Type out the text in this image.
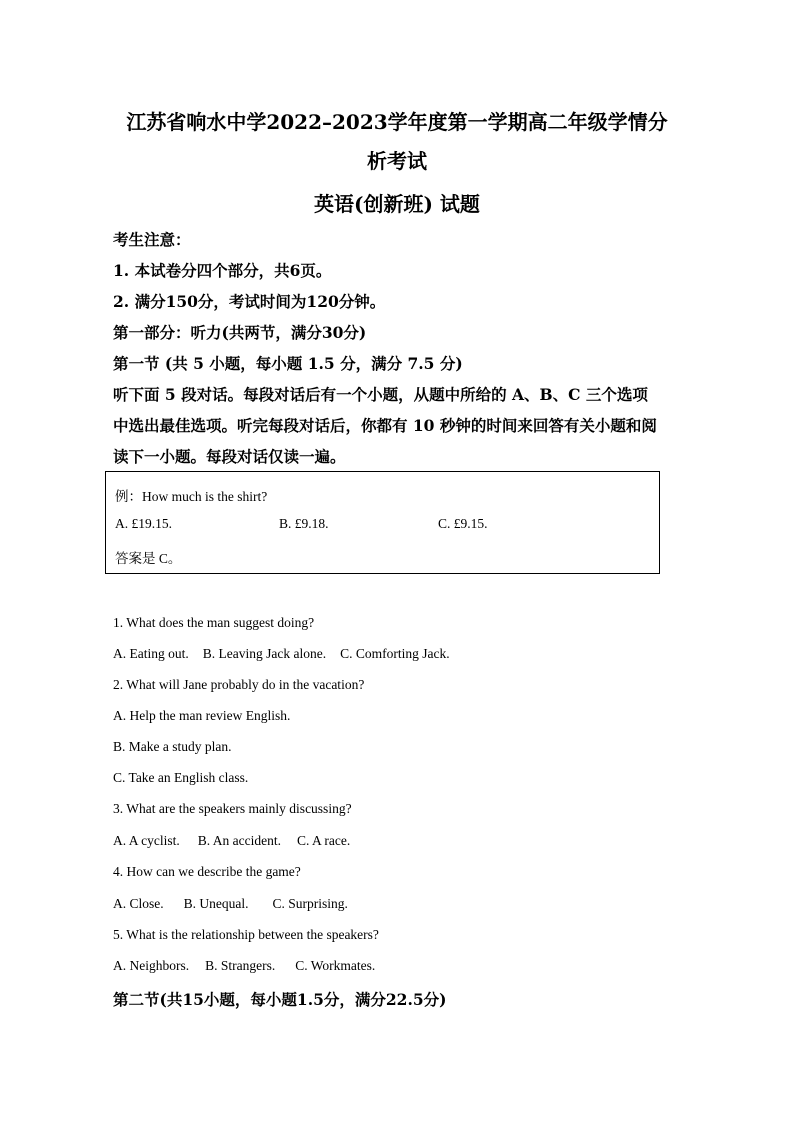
江苏省响水中学2022–2023学年度第一学期高二年级学情分
析考试
英语(创新班) 试题
考生注意：
1. 本试卷分四个部分，共6页。
2. 满分150分，考试时间为120分钟。
第一部分：听力(共两节，满分30分)
第一节 (共 5 小题，每小题 1.5 分，满分 7.5 分)
听下面 5 段对话。每段对话后有一个小题，从题中所给的 A、B、C 三个选项
中选出最佳选项。听完每段对话后，你都有 10 秒钟的时间来回答有关小题和阅
读下一小题。每段对话仅读一遍。
例：How much is the shirt?
A. £19.15.	B. £9.18.	C. £9.15.
答案是 C。
1. What does the man suggest doing?
A. Eating out. B. Leaving Jack alone. C. Comforting Jack.
2. What will Jane probably do in the vacation?
A. Help the man review English.
B. Make a study plan.
C. Take an English class.
3. What are the speakers mainly discussing?
A. A cyclist. B. An accident. C. A race.
4. How can we describe the game?
A. Close. B. Unequal. C. Surprising.
5. What is the relationship between the speakers?
A. Neighbors. B. Strangers. C. Workmates.
第二节(共15小题，每小题1.5分，满分22.5分)
